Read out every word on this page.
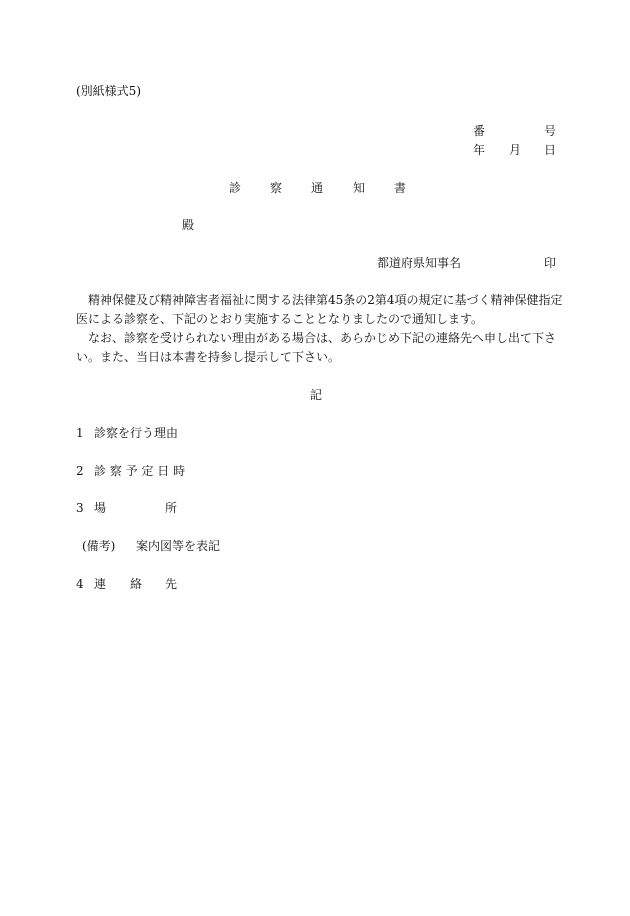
(別紙様式5)
番	号
年 月 日
診 察 通 知 書
殿
都道府県知事名	印
精神保健及び精神障害者福祉に関する法律第45条の2第4項の規定に基づく精神保健指定
医による診察を、下記のとおり実施することとなりましたので通知します。
なお、診察を受けられない理由がある場合は、あらかじめ下記の連絡先へ申し出て下さ
い。また、当日は本書を持参し提示して下さい。
記
1 診察を行う理由
2 診 察 予 定 日 時
3 場	所
(備考) 案内図等を表記
4 連 絡 先
